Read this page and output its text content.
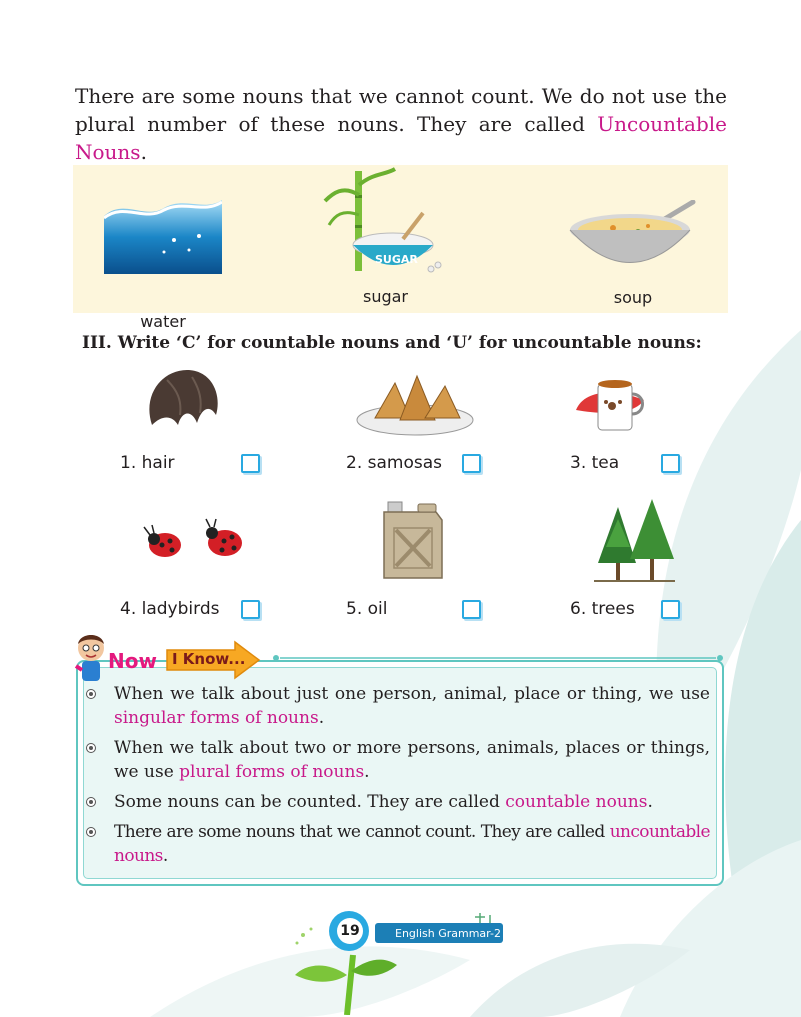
There are some nouns that we cannot count. We do not use the plural number of these nouns. They are called Uncountable Nouns.
water
SUGAR
sugar	soup
III. Write ‘C’ for countable nouns and ‘U’ for uncountable nouns:
1. hair	2. samosas	3. tea
4. ladybirds	5. oil	6. trees
Now I Know...
When we talk about just one person, animal, place or thing, we use singular forms of nouns.
When we talk about two or more persons, animals, places or things, we use plural forms of nouns.
Some nouns can be counted. They are called countable nouns.
There are some nouns that we cannot count. They are called uncountable nouns.
19	English Grammar-2
